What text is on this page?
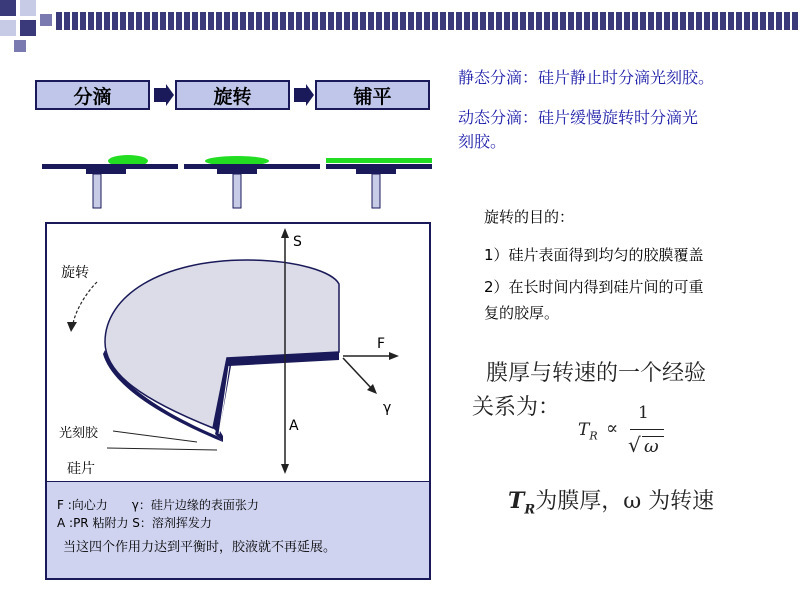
分滴	旋转	铺平
静态分滴：硅片静止时分滴光刻胶。
动态分滴：硅片缓慢旋转时分滴光
刻胶。
旋转的目的：
1）硅片表面得到均匀的胶膜覆盖
2）在长时间内得到硅片间的可重
复的胶厚。
膜厚与转速的一个经验
关系为：
$T_R$ ∝
1
√ ω
$T_R$为膜厚，ω 为转速
S
A
F
γ
旋转
光刻胶
硅片
F :向心力　　γ：硅片边缘的表面张力
A :PR 粘附力 S：溶剂挥发力
当这四个作用力达到平衡时，胶液就不再延展。
